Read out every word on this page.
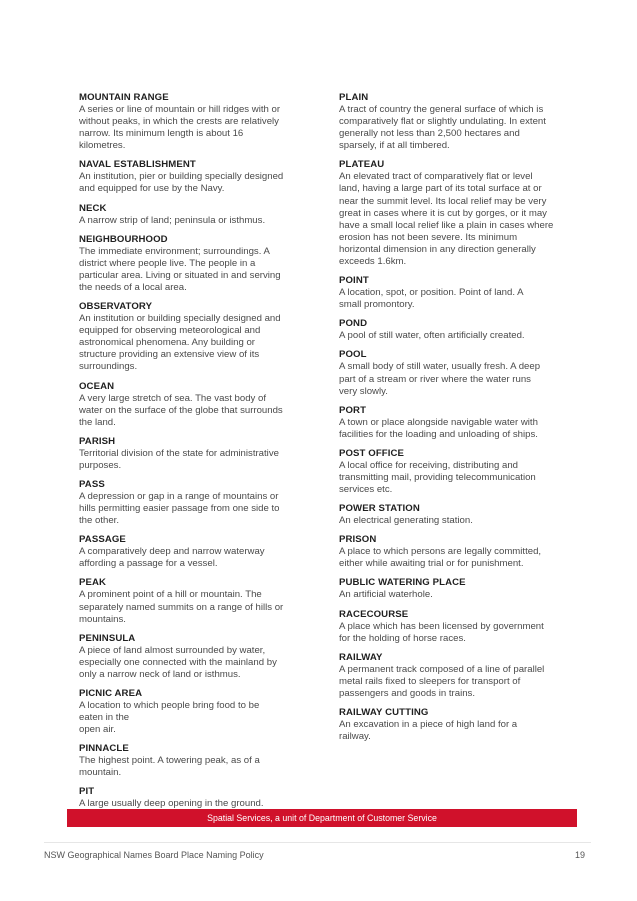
MOUNTAIN RANGE
A series or line of mountain or hill ridges with or
without peaks, in which the crests are relatively
narrow. Its minimum length is about 16
kilometres.
NAVAL ESTABLISHMENT
An institution, pier or building specially designed
and equipped for use by the Navy.
NECK
A narrow strip of land; peninsula or isthmus.
NEIGHBOURHOOD
The immediate environment; surroundings. A
district where people live. The people in a
particular area. Living or situated in and serving
the needs of a local area.
OBSERVATORY
An institution or building specially designed and
equipped for observing meteorological and
astronomical phenomena. Any building or
structure providing an extensive view of its
surroundings.
OCEAN
A very large stretch of sea. The vast body of
water on the surface of the globe that surrounds
the land.
PARISH
Territorial division of the state for administrative
purposes.
PASS
A depression or gap in a range of mountains or
hills permitting easier passage from one side to
the other.
PASSAGE
A comparatively deep and narrow waterway
affording a passage for a vessel.
PEAK
A prominent point of a hill or mountain. The
separately named summits on a range of hills or
mountains.
PENINSULA
A piece of land almost surrounded by water,
especially one connected with the mainland by
only a narrow neck of land or isthmus.
PICNIC AREA
A location to which people bring food to be
eaten in the
open air.
PINNACLE
The highest point. A towering peak, as of a
mountain.
PIT
A large usually deep opening in the ground.
PLAIN
A tract of country the general surface of which is
comparatively flat or slightly undulating. In extent
generally not less than 2,500 hectares and
sparsely, if at all timbered.
PLATEAU
An elevated tract of comparatively flat or level
land, having a large part of its total surface at or
near the summit level. Its local relief may be very
great in cases where it is cut by gorges, or it may
have a small local relief like a plain in cases where
erosion has not been severe. Its minimum
horizontal dimension in any direction generally
exceeds 1.6km.
POINT
A location, spot, or position. Point of land. A
small promontory.
POND
A pool of still water, often artificially created.
POOL
A small body of still water, usually fresh. A deep
part of a stream or river where the water runs
very slowly.
PORT
A town or place alongside navigable water with
facilities for the loading and unloading of ships.
POST OFFICE
A local office for receiving, distributing and
transmitting mail, providing telecommunication
services etc.
POWER STATION
An electrical generating station.
PRISON
A place to which persons are legally committed,
either while awaiting trial or for punishment.
PUBLIC WATERING PLACE
An artificial waterhole.
RACECOURSE
A place which has been licensed by government
for the holding of horse races.
RAILWAY
A permanent track composed of a line of parallel
metal rails fixed to sleepers for transport of
passengers and goods in trains.
RAILWAY CUTTING
An excavation in a piece of high land for a
railway.
Spatial Services, a unit of Department of Customer Service
NSW Geographical Names Board Place Naming Policy	19
